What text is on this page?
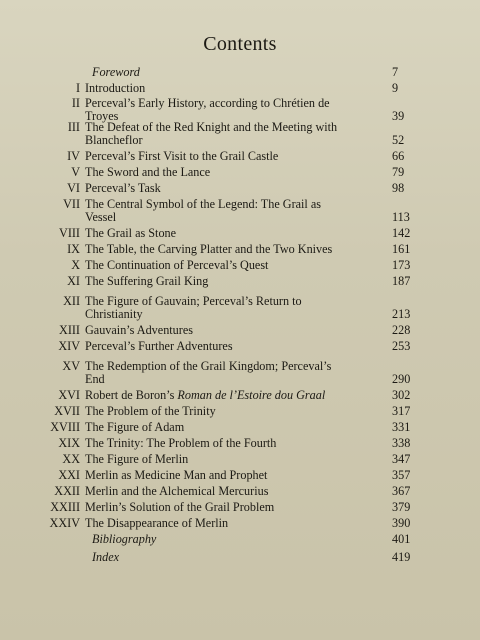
Contents
Foreword	7
I Introduction	9
II Perceval’s Early History, according to Chrétien de
Troyes	39
III The Defeat of the Red Knight and the Meeting with
Blancheflor	52
IV Perceval’s First Visit to the Grail Castle	66
V The Sword and the Lance	79
VI Perceval’s Task	98
VII The Central Symbol of the Legend: The Grail as
Vessel	113
VIII The Grail as Stone	142
IX The Table, the Carving Platter and the Two Knives	161
X The Continuation of Perceval’s Quest	173
XI The Suffering Grail King	187
XII The Figure of Gauvain; Perceval’s Return to
Christianity	213
XIII Gauvain’s Adventures	228
XIV Perceval’s Further Adventures	253
XV The Redemption of the Grail Kingdom; Perceval’s
End	290
XVI Robert de Boron’s Roman de l’Estoire dou Graal	302
XVII The Problem of the Trinity	317
XVIII The Figure of Adam	331
XIX The Trinity: The Problem of the Fourth	338
XX The Figure of Merlin	347
XXI Merlin as Medicine Man and Prophet	357
XXII Merlin and the Alchemical Mercurius	367
XXIII Merlin’s Solution of the Grail Problem	379
XXIV The Disappearance of Merlin	390
Bibliography	401
Index	419
